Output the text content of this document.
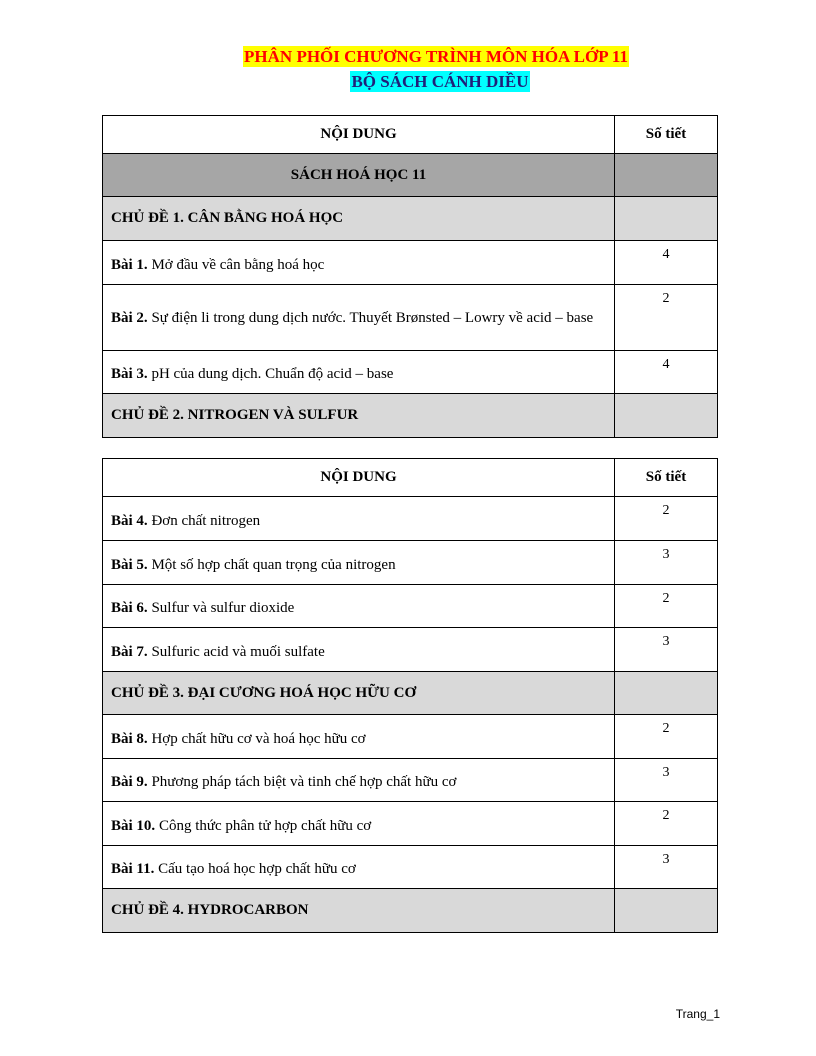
PHÂN PHỐI CHƯƠNG TRÌNH MÔN HÓA LỚP 11
BỘ SÁCH CÁNH DIỀU
NỘI DUNG	Số tiết
SÁCH HOÁ HỌC 11	
CHỦ ĐỀ 1. CÂN BẰNG HOÁ HỌC	
Bài 1. Mở đầu về cân bằng hoá học	4
Bài 2. Sự điện li trong dung dịch nước. Thuyết Brønsted – Lowry về acid – base	2
Bài 3. pH của dung dịch. Chuẩn độ acid – base	4
CHỦ ĐỀ 2. NITROGEN VÀ SULFUR	
NỘI DUNG	Số tiết
Bài 4. Đơn chất nitrogen	2
Bài 5. Một số hợp chất quan trọng của nitrogen	3
Bài 6. Sulfur và sulfur dioxide	2
Bài 7. Sulfuric acid và muối sulfate	3
CHỦ ĐỀ 3. ĐẠI CƯƠNG HOÁ HỌC HỮU CƠ	
Bài 8. Hợp chất hữu cơ và hoá học hữu cơ	2
Bài 9. Phương pháp tách biệt và tinh chế hợp chất hữu cơ	3
Bài 10. Công thức phân tử hợp chất hữu cơ	2
Bài 11. Cấu tạo hoá học hợp chất hữu cơ	3
CHỦ ĐỀ 4. HYDROCARBON	
Trang_1
